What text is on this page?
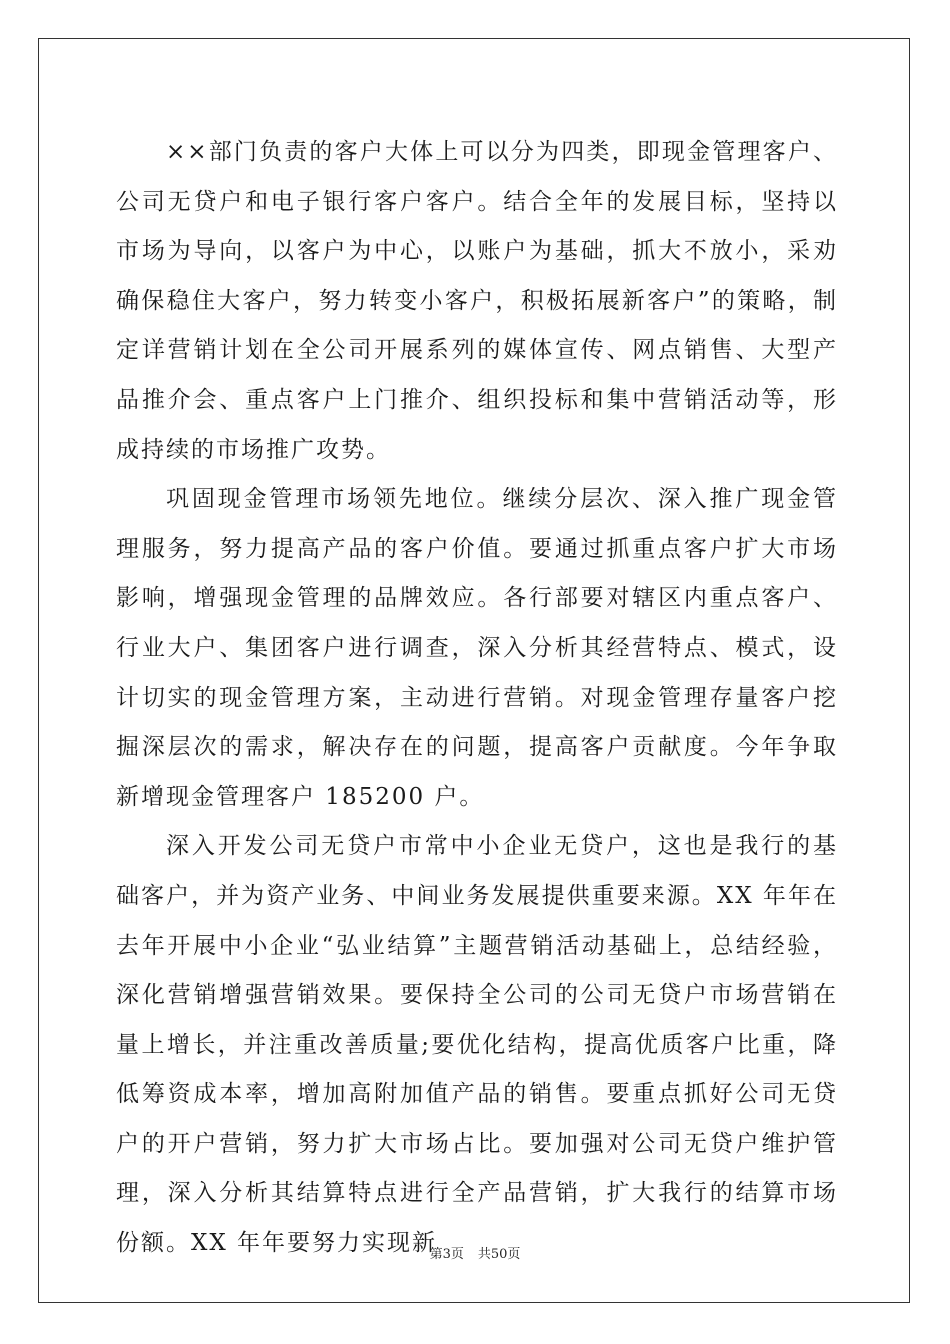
××部门负责的客户大体上可以分为四类，即现金管理客户、公司无贷户和电子银行客户客户。结合全年的发展目标，坚持以市场为导向，以客户为中心，以账户为基础，抓大不放小，采劝确保稳住大客户，努力转变小客户，积极拓展新客户”的策略，制定详营销计划在全公司开展系列的媒体宣传、网点销售、大型产品推介会、重点客户上门推介、组织投标和集中营销活动等，形成持续的市场推广攻势。

巩固现金管理市场领先地位。继续分层次、深入推广现金管理服务，努力提高产品的客户价值。要通过抓重点客户扩大市场影响，增强现金管理的品牌效应。各行部要对辖区内重点客户、行业大户、集团客户进行调查，深入分析其经营特点、模式，设计切实的现金管理方案，主动进行营销。对现金管理存量客户挖掘深层次的需求，解决存在的问题，提高客户贡献度。今年争取新增现金管理客户 185200 户。

深入开发公司无贷户市常中小企业无贷户，这也是我行的基础客户，并为资产业务、中间业务发展提供重要来源。XX 年年在去年开展中小企业“弘业结算”主题营销活动基础上，总结经验，深化营销增强营销效果。要保持全公司的公司无贷户市场营销在量上增长，并注重改善质量;要优化结构，提高优质客户比重，降低筹资成本率，增加高附加值产品的销售。要重点抓好公司无贷户的开户营销，努力扩大市场占比。要加强对公司无贷户维护管理，深入分析其结算特点进行全产品营销，扩大我行的结算市场份额。XX 年年要努力实现新

第3页 共50页
